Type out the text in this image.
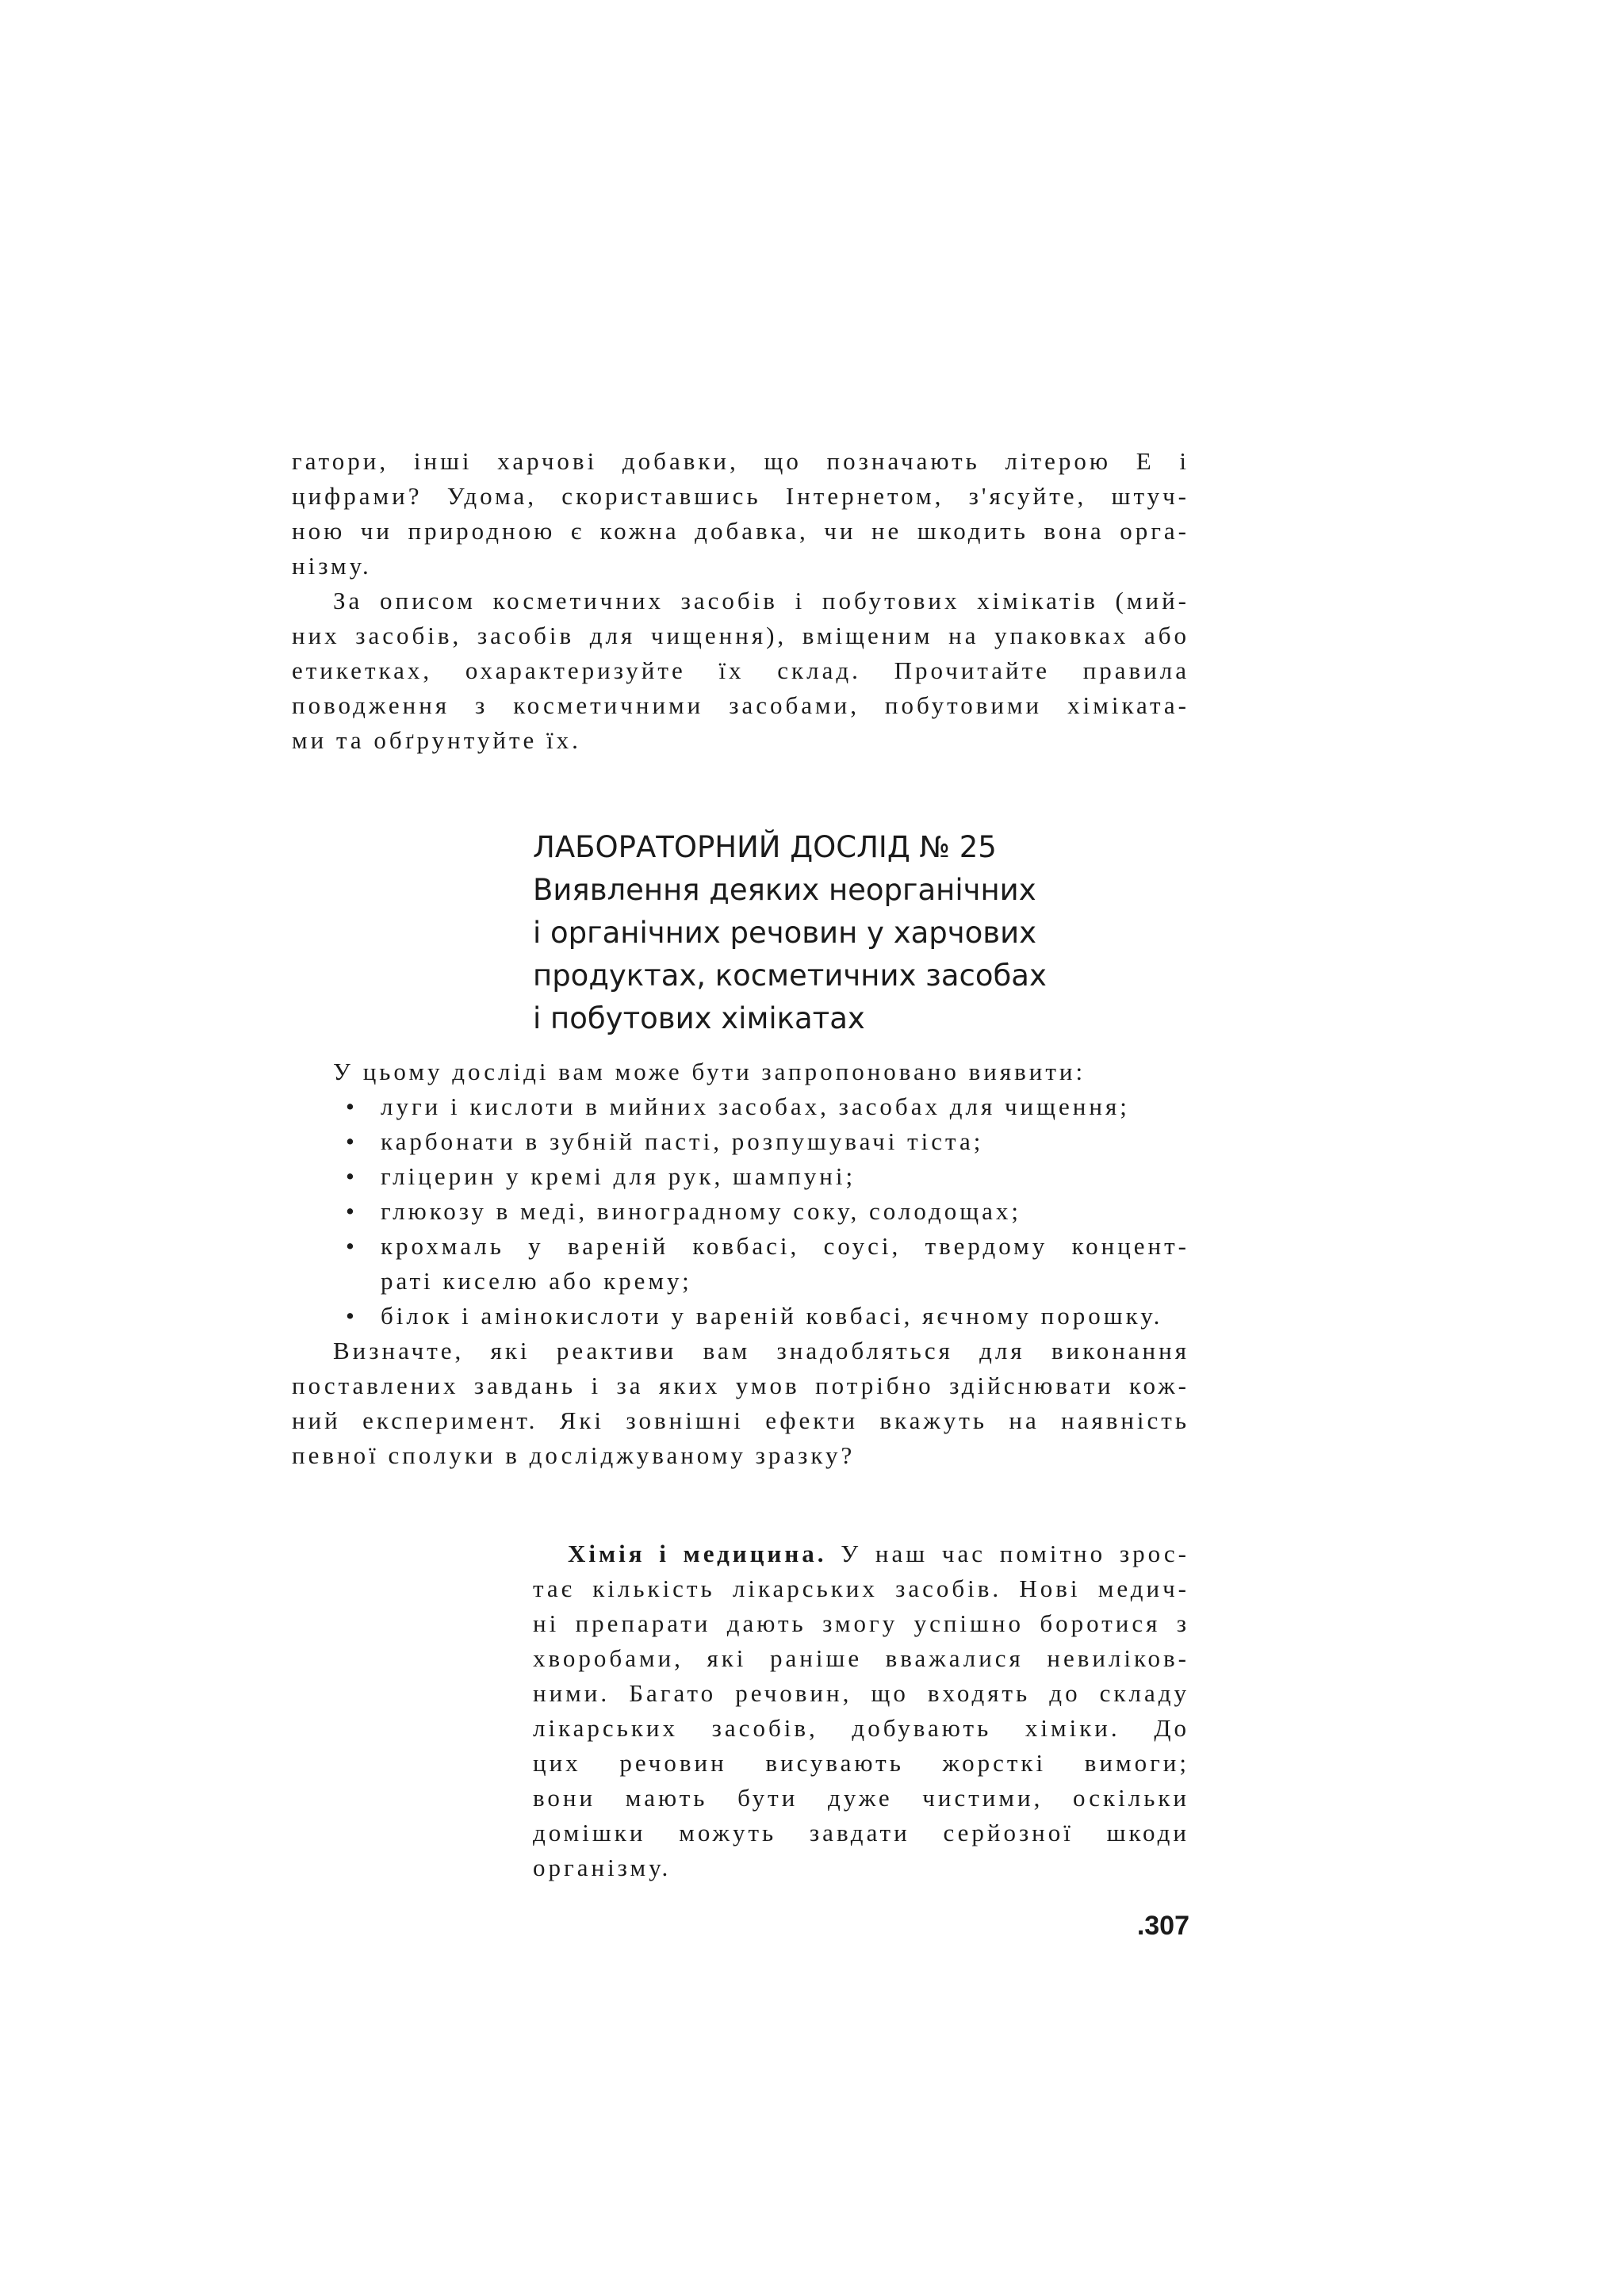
гатори, інші харчові добавки, що позначають літерою Е і
цифрами? Удома, скориставшись Інтернетом, з'ясуйте, штуч-
ною чи природною є кожна добавка, чи не шкодить вона орга-
нізму.
За описом косметичних засобів і побутових хімікатів (мий-
них засобів, засобів для чищення), вміщеним на упаковках або
етикетках, охарактеризуйте їх склад. Прочитайте правила
поводження з косметичними засобами, побутовими хіміката-
ми та обґрунтуйте їх.
ЛАБОРАТОРНИЙ ДОСЛІД № 25
Виявлення деяких неорганічних
і органічних речовин у харчових
продуктах, косметичних засобах
і побутових хімікатах
У цьому досліді вам може бути запропоновано виявити:
• луги і кислоти в мийних засобах, засобах для чищення;
• карбонати в зубній пасті, розпушувачі тіста;
• гліцерин у кремі для рук, шампуні;
• глюкозу в меді, виноградному соку, солодощах;
• крохмаль у вареній ковбасі, соусі, твердому концент-
раті киселю або крему;
• білок і амінокислоти у вареній ковбасі, яєчному порошку.
Визначте, які реактиви вам знадобляться для виконання
поставлених завдань і за яких умов потрібно здійснювати кож-
ний експеримент. Які зовнішні ефекти вкажуть на наявність
певної сполуки в досліджуваному зразку?
Хімія і медицина. У наш час помітно зрос-
тає кількість лікарських засобів. Нові медич-
ні препарати дають змогу успішно боротися з
хворобами, які раніше вважалися невиліков-
ними. Багато речовин, що входять до складу
лікарських засобів, добувають хіміки. До
цих речовин висувають жорсткі вимоги;
вони мають бути дуже чистими, оскільки
домішки можуть завдати серйозної шкоди
організму.
.307
